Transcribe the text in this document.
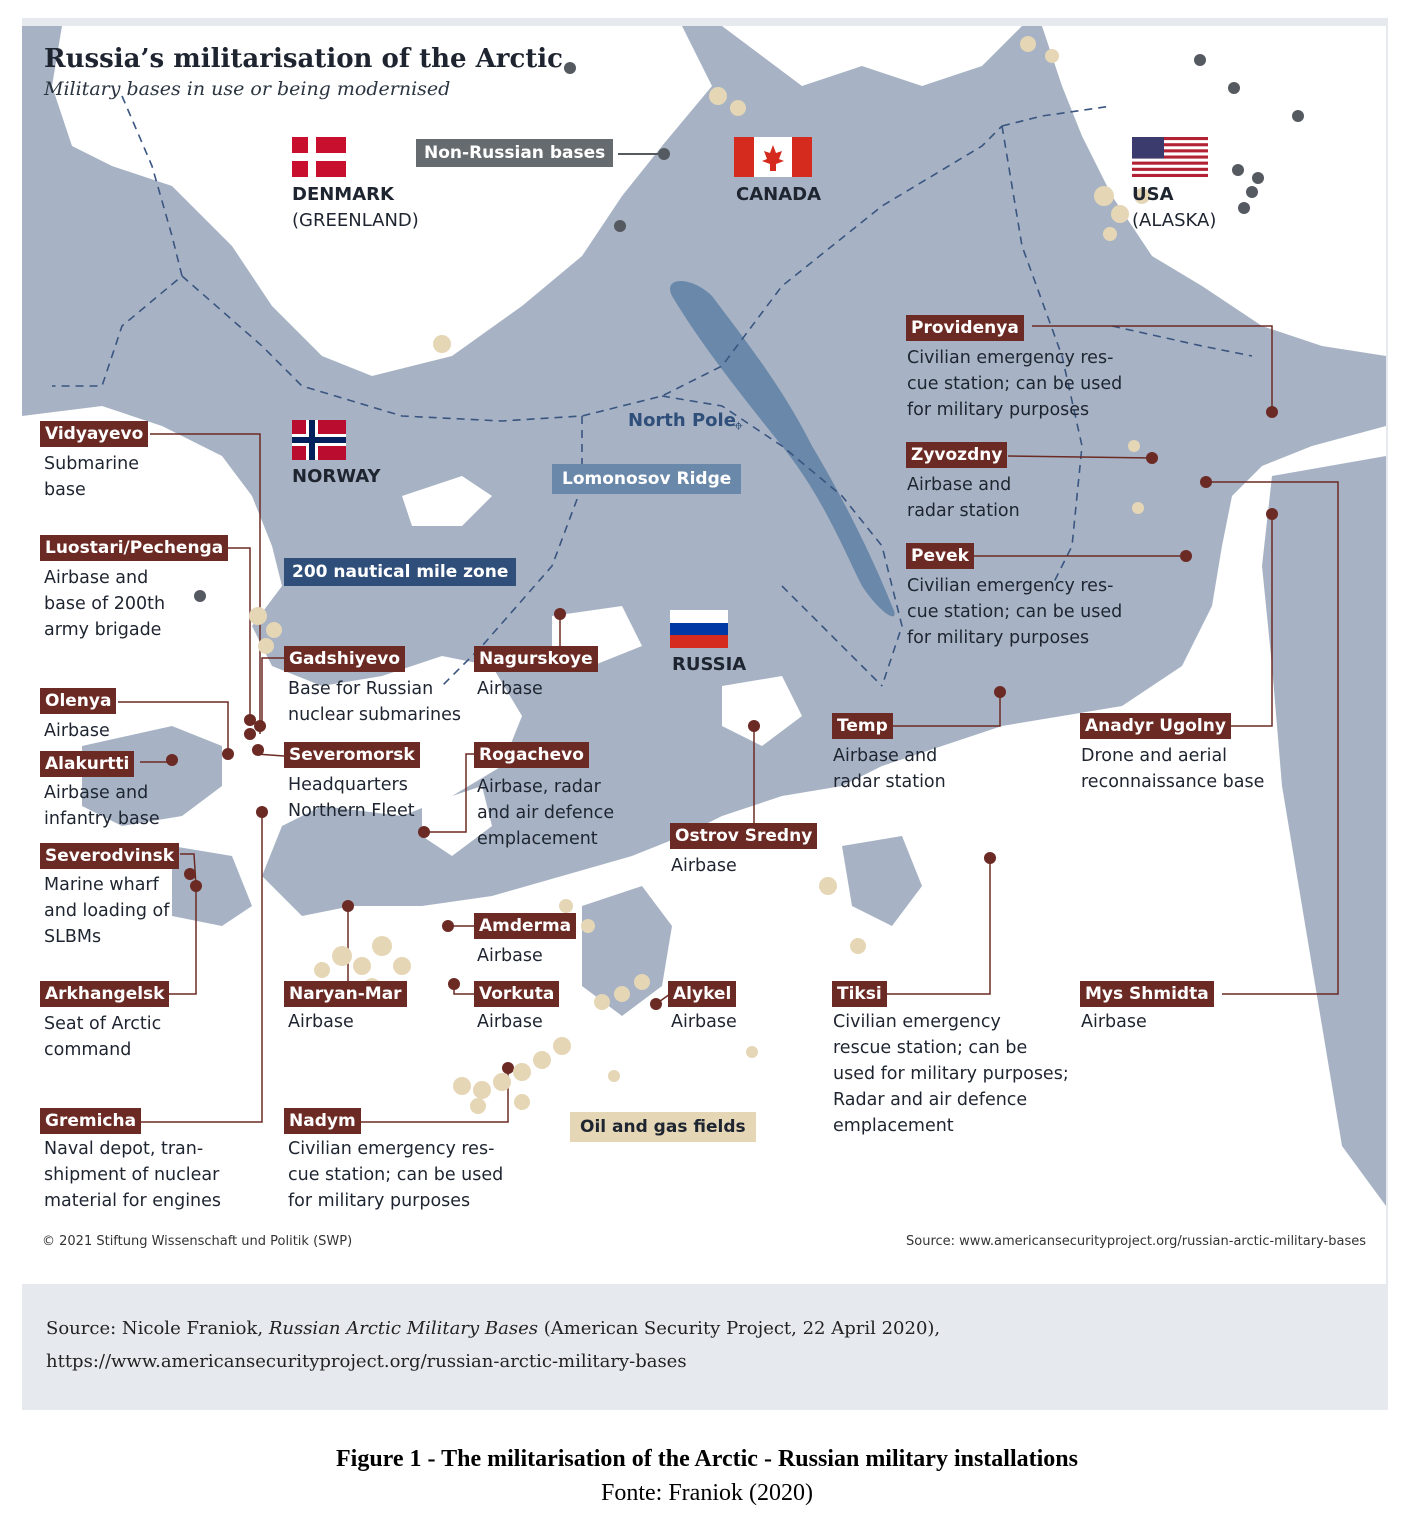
Russia’s militarisation of the Arctic
Military bases in use or being modernised
DENMARK
(GREENLAND)
CANADA	USA
(ALASKA)
NORWAY
RUSSIA
Non-Russian bases
North Pole
⌖
Lomonosov Ridge
200 nautical mile zone
Oil and gas fields
Vidyayevo
Submarine
base
Luostari/Pechenga
Airbase and
base of 200th
army brigade
Olenya
Airbase
Alakurtti
Airbase and
infantry base
Severodvinsk
Marine wharf
and loading of
SLBMs
Arkhangelsk
Seat of Arctic
command
Gremicha
Naval depot, tran-
shipment of nuclear
material for engines
Gadshiyevo
Base for Russian
nuclear submarines
Severomorsk
Headquarters
Northern Fleet
Nagurskoye
Airbase
Rogachevo
Airbase, radar
and air defence
emplacement
Amderma
Airbase
Naryan-Mar
Airbase
Vorkuta
Airbase
Nadym
Civilian emergency res-
cue station; can be used
for military purposes
Alykel
Airbase
Ostrov Sredny
Airbase
Temp
Airbase and
radar station
Tiksi
Civilian emergency
rescue station; can be
used for military purposes;
Radar and air defence
emplacement
Providenya
Civilian emergency res-
cue station; can be used
for military purposes
Zyvozdny
Airbase and
radar station
Pevek
Civilian emergency res-
cue station; can be used
for military purposes
Anadyr Ugolny
Drone and aerial
reconnaissance base
Mys Shmidta
Airbase
© 2021 Stiftung Wissenschaft und Politik (SWP)	Source: www.americansecurityproject.org/russian-arctic-military-bases
Source: Nicole Franiok, Russian Arctic Military Bases (American Security Project, 22 April 2020),
https://www.americansecurityproject.org/russian-arctic-military-bases
Figure 1 - The militarisation of the Arctic - Russian military installations
Fonte: Franiok (2020)
